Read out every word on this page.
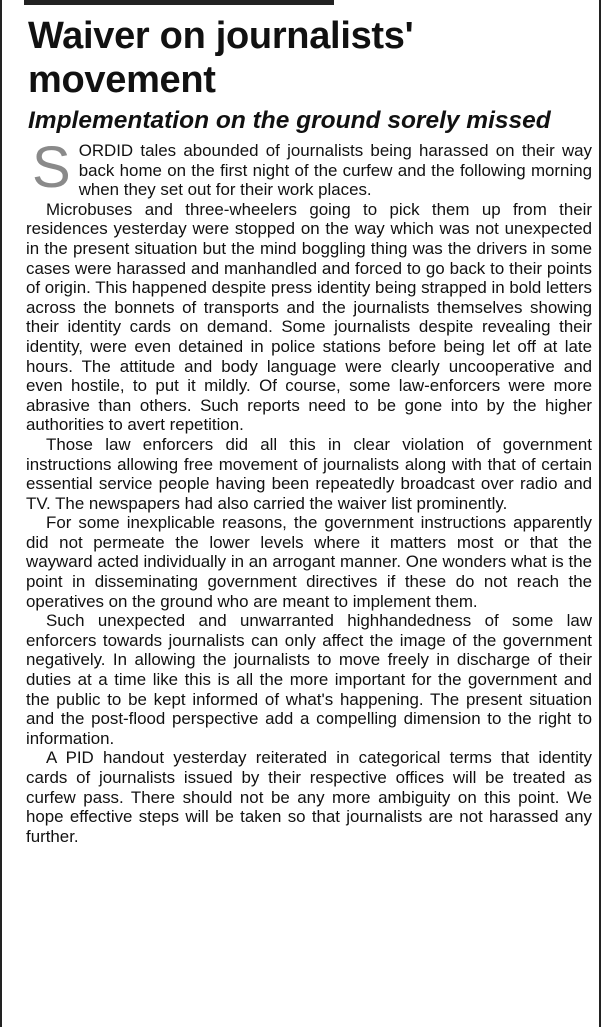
Waiver on journalists' movement
Implementation on the ground sorely missed

SORDID tales abounded of journalists being harassed on their way back home on the first night of the curfew and the following morning when they set out for their work places.

Microbuses and three-wheelers going to pick them up from their residences yesterday were stopped on the way which was not unexpected in the present situation but the mind boggling thing was the drivers in some cases were harassed and manhandled and forced to go back to their points of origin. This happened despite press identity being strapped in bold letters across the bonnets of transports and the journalists themselves showing their identity cards on demand. Some journalists despite revealing their identity, were even detained in police stations before being let off at late hours. The attitude and body language were clearly uncooperative and even hostile, to put it mildly. Of course, some law-enforcers were more abrasive than others. Such reports need to be gone into by the higher authorities to avert repetition.

Those law enforcers did all this in clear violation of government instructions allowing free movement of journalists along with that of certain essential service people having been repeatedly broadcast over radio and TV. The newspapers had also carried the waiver list prominently.

For some inexplicable reasons, the government instructions apparently did not permeate the lower levels where it matters most or that the wayward acted individually in an arrogant manner. One wonders what is the point in disseminating government directives if these do not reach the operatives on the ground who are meant to implement them.

Such unexpected and unwarranted highhandedness of some law enforcers towards journalists can only affect the image of the government negatively. In allowing the journalists to move freely in discharge of their duties at a time like this is all the more important for the government and the public to be kept informed of what's happening. The present situation and the post-flood perspective add a compelling dimension to the right to information.

A PID handout yesterday reiterated in categorical terms that identity cards of journalists issued by their respective offices will be treated as curfew pass. There should not be any more ambiguity on this point. We hope effective steps will be taken so that journalists are not harassed any further.
